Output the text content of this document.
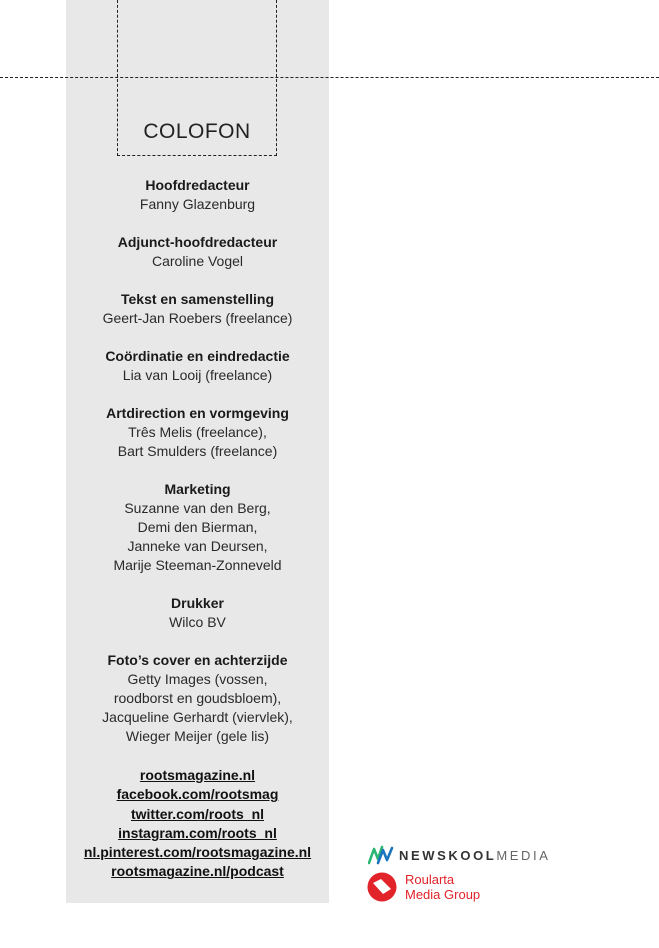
COLOFON
Hoofdredacteur
Fanny Glazenburg
Adjunct-hoofdredacteur
Caroline Vogel
Tekst en samenstelling
Geert-Jan Roebers (freelance)
Coördinatie en eindredactie
Lia van Looij (freelance)
Artdirection en vormgeving
Três Melis (freelance),
Bart Smulders (freelance)
Marketing
Suzanne van den Berg,
Demi den Bierman,
Janneke van Deursen,
Marije Steeman-Zonneveld
Drukker
Wilco BV
Foto’s cover en achterzijde
Getty Images (vossen,
roodborst en goudsbloem),
Jacqueline Gerhardt (viervlek),
Wieger Meijer (gele lis)
rootsmagazine.nl
facebook.com/rootsmag
twitter.com/roots_nl
instagram.com/roots_nl
nl.pinterest.com/rootsmagazine.nl
rootsmagazine.nl/podcast
NEWSKOOLMEDIA
Roularta
Media Group
